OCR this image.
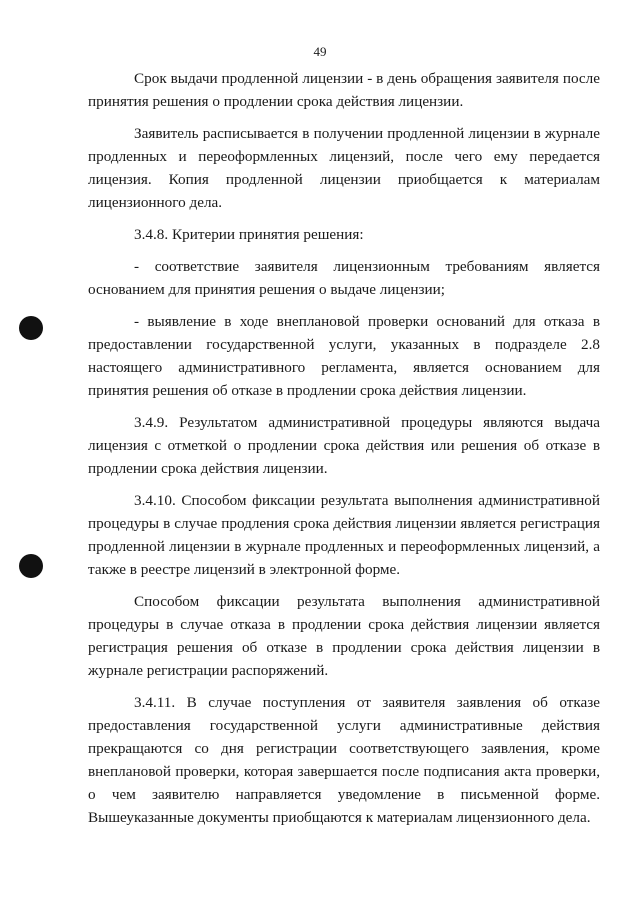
49

Срок выдачи продленной лицензии - в день обращения заявителя после принятия решения о продлении срока действия лицензии.

Заявитель расписывается в получении продленной лицензии в журнале продленных и переоформленных лицензий, после чего ему передается лицензия. Копия продленной лицензии приобщается к материалам лицензионного дела.

3.4.8. Критерии принятия решения:

- соответствие заявителя лицензионным требованиям является основанием для принятия решения о выдаче лицензии;

- выявление в ходе внеплановой проверки оснований для отказа в предоставлении государственной услуги, указанных в подразделе 2.8 настоящего административного регламента, является основанием для принятия решения об отказе в продлении срока действия лицензии.

3.4.9. Результатом административной процедуры являются выдача лицензия с отметкой о продлении срока действия или решения об отказе в продлении срока действия лицензии.

3.4.10. Способом фиксации результата выполнения административной процедуры в случае продления срока действия лицензии является регистрация продленной лицензии в журнале продленных и переоформленных лицензий, а также в реестре лицензий в электронной форме.

Способом фиксации результата выполнения административной процедуры в случае отказа в продлении срока действия лицензии является регистрация решения об отказе в продлении срока действия лицензии в журнале регистрации распоряжений.

3.4.11. В случае поступления от заявителя заявления об отказе предоставления государственной услуги административные действия прекращаются со дня регистрации соответствующего заявления, кроме внеплановой проверки, которая завершается после подписания акта проверки, о чем заявителю направляется уведомление в письменной форме. Вышеуказанные документы приобщаются к материалам лицензионного дела.
